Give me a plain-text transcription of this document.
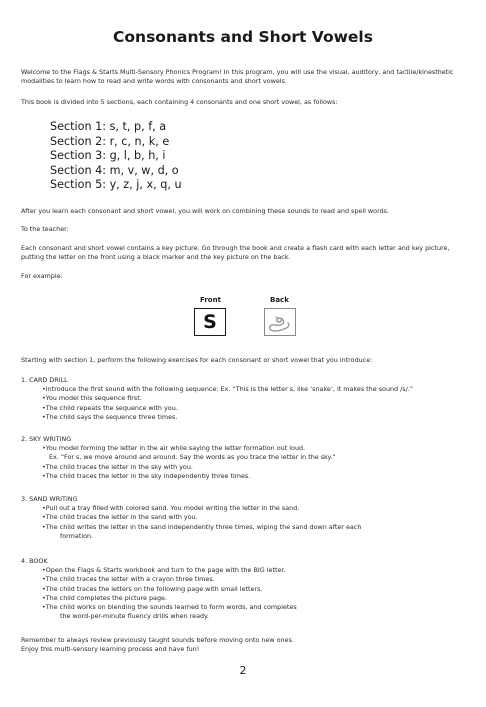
Consonants and Short Vowels
Welcome to the Flags & Starts Multi-Sensory Phonics Program! In this program, you will use the visual, auditory, and tactile/kinesthetic
modalities to learn how to read and write words with consonants and short vowels.
This book is divided into 5 sections, each containing 4 consonants and one short vowel, as follows:
Section 1: s, t, p, f, a
Section 2: r, c, n, k, e
Section 3: g, l, b, h, i
Section 4: m, v, w, d, o
Section 5: y, z, j, x, q, u
After you learn each consonant and short vowel, you will work on combining these sounds to read and spell words.
To the teacher:
Each consonant and short vowel contains a key picture. Go through the book and create a flash card with each letter and key picture,
putting the letter on the front using a black marker and the key picture on the back.
For example:
Front	Back
S
Starting with section 1, perform the following exercises for each consonant or short vowel that you introduce:
1. CARD DRILL
•Introduce the first sound with the following sequence: Ex. “This is the letter s, like ‘snake’, it makes the sound /s/.”
•You model this sequence first.
•The child repeats the sequence with you.
•The child says the sequence three times.
2. SKY WRITING
•You model forming the letter in the air while saying the letter formation out loud.
Ex. “For s, we move around and around. Say the words as you trace the letter in the sky.”
•The child traces the letter in the sky with you.
•The child traces the letter in the sky independently three times.
3. SAND WRITING
•Pull out a tray filled with colored sand. You model writing the letter in the sand.
•The child traces the letter in the sand with you.
•The child writes the letter in the sand independently three times, wiping the sand down after each
formation.
4. BOOK
•Open the Flags & Starts workbook and turn to the page with the BIG letter.
•The child traces the letter with a crayon three times.
•The child traces the letters on the following page with small letters.
•The child completes the picture page.
•The child works on blending the sounds learned to form words, and completes
the word-per-minute fluency drills when ready.
Remember to always review previously taught sounds before moving onto new ones.
Enjoy this multi-sensory learning process and have fun!
2
